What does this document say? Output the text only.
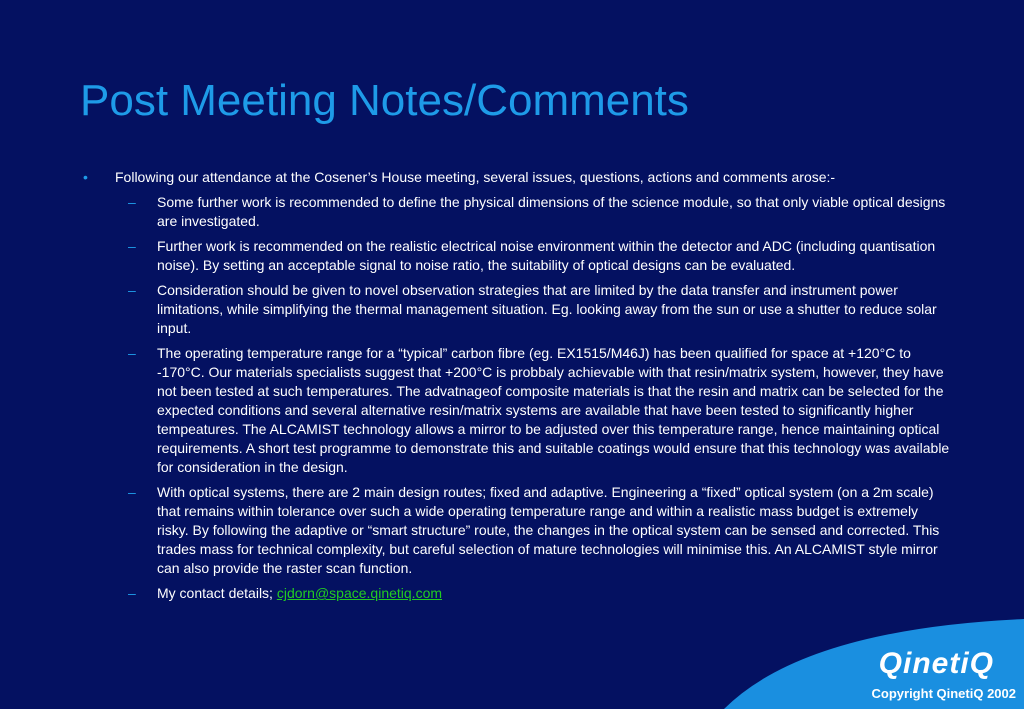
Post Meeting Notes/Comments
• Following our attendance at the Cosener’s House meeting, several issues, questions, actions and comments arose:-
– Some further work is recommended to define the physical dimensions of the science module, so that only viable optical designs are investigated.
– Further work is recommended on the realistic electrical noise environment within the detector and ADC (including quantisation noise). By setting an acceptable signal to noise ratio, the suitability of optical designs can be evaluated.
– Consideration should be given to novel observation strategies that are limited by the data transfer and instrument power limitations, while simplifying the thermal management situation. Eg. looking away from the sun or use a shutter to reduce solar input.
– The operating temperature range for a “typical” carbon fibre (eg. EX1515/M46J) has been qualified for space at +120°C to -170°C. Our materials specialists suggest that +200°C is probbaly achievable with that resin/matrix system, however, they have not been tested at such temperatures. The advatnageof composite materials is that the resin and matrix can be selected for the expected conditions and several alternative resin/matrix systems are available that have been tested to significantly higher tempeatures. The ALCAMIST technology allows a mirror to be adjusted over this temperature range, hence maintaining optical requirements. A short test programme to demonstrate this and suitable coatings would ensure that this technology was available for consideration in the design.
– With optical systems, there are 2 main design routes; fixed and adaptive. Engineering a “fixed” optical system (on a 2m scale) that remains within tolerance over such a wide operating temperature range and within a realistic mass budget is extremely risky. By following the adaptive or “smart structure” route, the changes in the optical system can be sensed and corrected. This trades mass for technical complexity, but careful selection of mature technologies will minimise this. An ALCAMIST style mirror can also provide the raster scan function.
– My contact details; cjdorn@space.qinetiq.com
QinetiQ
Copyright QinetiQ 2002
